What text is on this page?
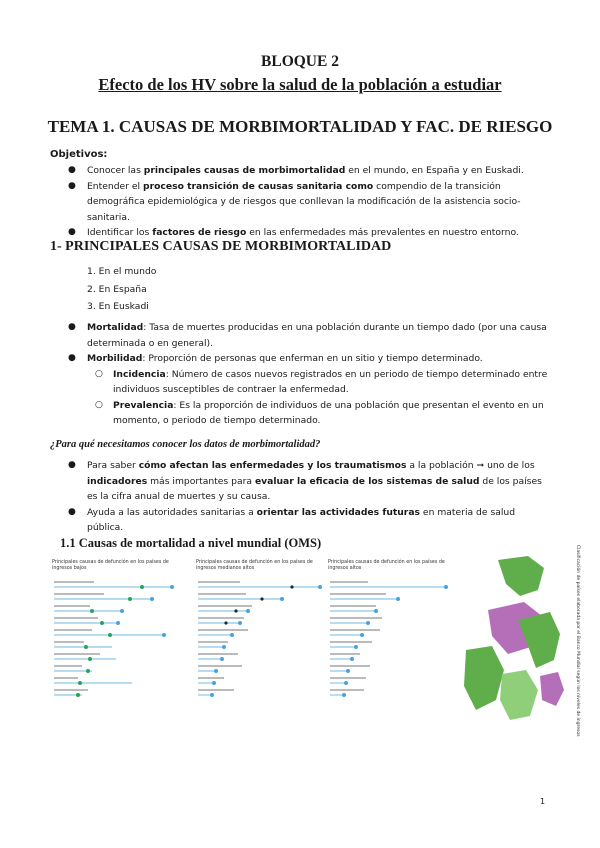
BLOQUE 2

Efecto de los HV sobre la salud de la población a estudiar

TEMA 1. CAUSAS DE MORBIMORTALIDAD Y FAC. DE RIESGO

Objetivos:
● Conocer las principales causas de morbimortalidad en el mundo, en España y en Euskadi.
● Entender el proceso transición de causas sanitaria como compendio de la transición demográfica epidemiológica y de riesgos que conllevan la modificación de la asistencia socio-sanitaria.
● Identificar los factores de riesgo en las enfermedades más prevalentes en nuestro entorno.
1- PRINCIPALES CAUSAS DE MORBIMORTALIDAD
1. En el mundo
2. En España
3. En Euskadi
● Mortalidad: Tasa de muertes producidas en una población durante un tiempo dado (por una causa determinada o en general).
● Morbilidad: Proporción de personas que enferman en un sitio y tiempo determinado.
○ Incidencia: Número de casos nuevos registrados en un periodo de tiempo determinado entre individuos susceptibles de contraer la enfermedad.
○ Prevalencia: Es la proporción de individuos de una población que presentan el evento en un momento, o periodo de tiempo determinado.
¿Para qué necesitamos conocer los datos de morbimortalidad?
● Para saber cómo afectan las enfermedades y los traumatismos a la población ➞ uno de los indicadores más importantes para evaluar la eficacia de los sistemas de salud de los países es la cifra anual de muertes y su causa.
● Ayuda a las autoridades sanitarias a orientar las actividades futuras en materia de salud pública.
1.1 Causas de mortalidad a nivel mundial (OMS)

Principales causas de defunción en los países de ingresos bajos

Principales causas de defunción en los países de ingresos medianos altos

Principales causas de defunción en los países de ingresos altos	Clasificación de países elaborada por el Banco Mundial según los niveles de ingresos
1
